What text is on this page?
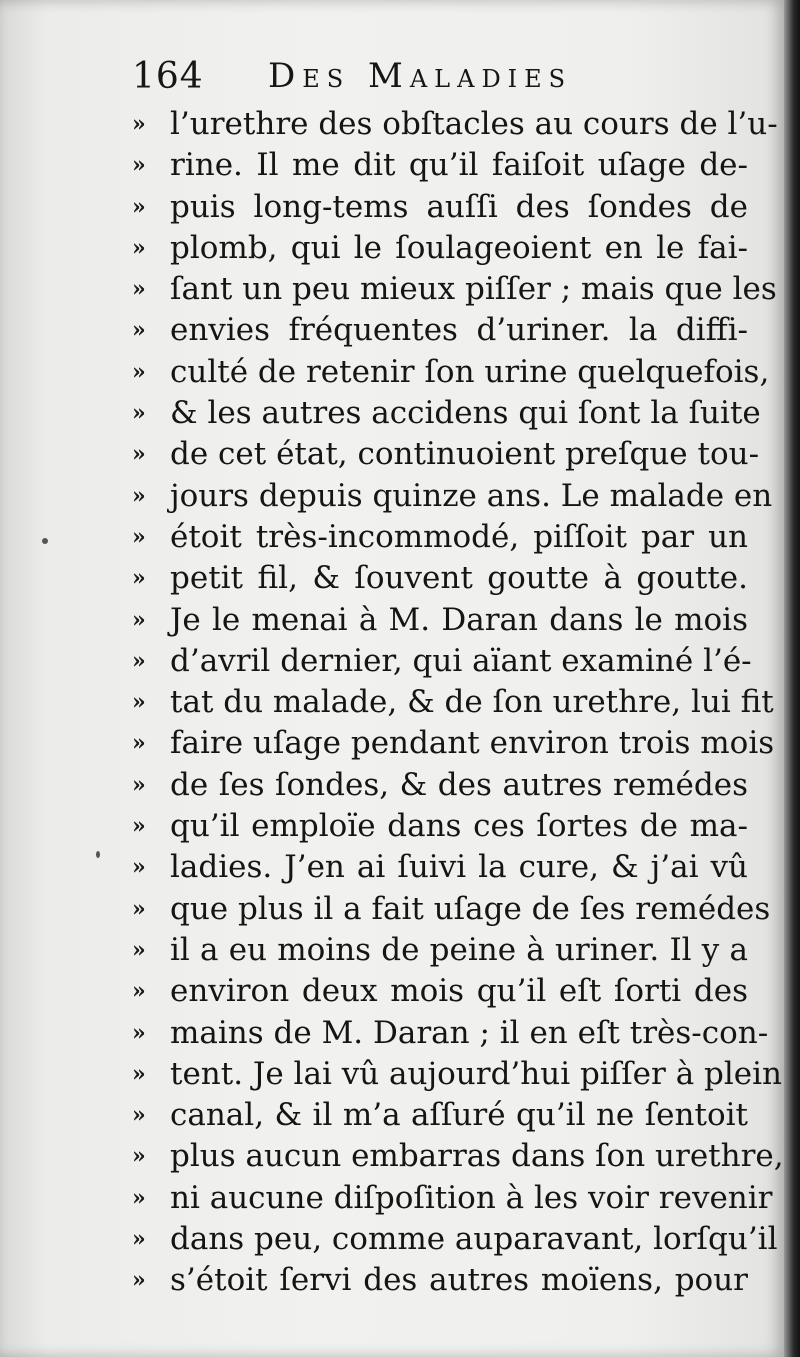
164 Des Maladies
» l’urethre des obſtacles au cours de l’u-
» rine. Il me dit qu’il faiſoit uſage de-
» puis long-tems auſſi des ſondes de
» plomb, qui le ſoulageoient en le fai-
» ſant un peu mieux piſſer ; mais que les
» envies fréquentes d’uriner. la diffi-
» culté de retenir ſon urine quelquefois,
» & les autres accidens qui ſont la ſuite
» de cet état, continuoient preſque tou-
» jours depuis quinze ans. Le malade en
» étoit très-incommodé, piſſoit par un
» petit fil, & ſouvent goutte à goutte.
» Je le menai à M. Daran dans le mois
» d’avril dernier, qui aïant examiné l’é-
» tat du malade, & de ſon urethre, lui fit
» faire uſage pendant environ trois mois
» de ſes ſondes, & des autres remédes
» qu’il emploïe dans ces ſortes de ma-
» ladies. J’en ai ſuivi la cure, & j’ai vû
» que plus il a fait uſage de ſes remédes
» il a eu moins de peine à uriner. Il y a
» environ deux mois qu’il eſt ſorti des
» mains de M. Daran ; il en eſt très-con-
» tent. Je lai vû aujourd’hui piſſer à plein
» canal, & il m’a aſſuré qu’il ne ſentoit
» plus aucun embarras dans ſon urethre,
» ni aucune diſpoſition à les voir revenir
» dans peu, comme auparavant, lorſqu’il
» s’étoit ſervi des autres moïens, pour
